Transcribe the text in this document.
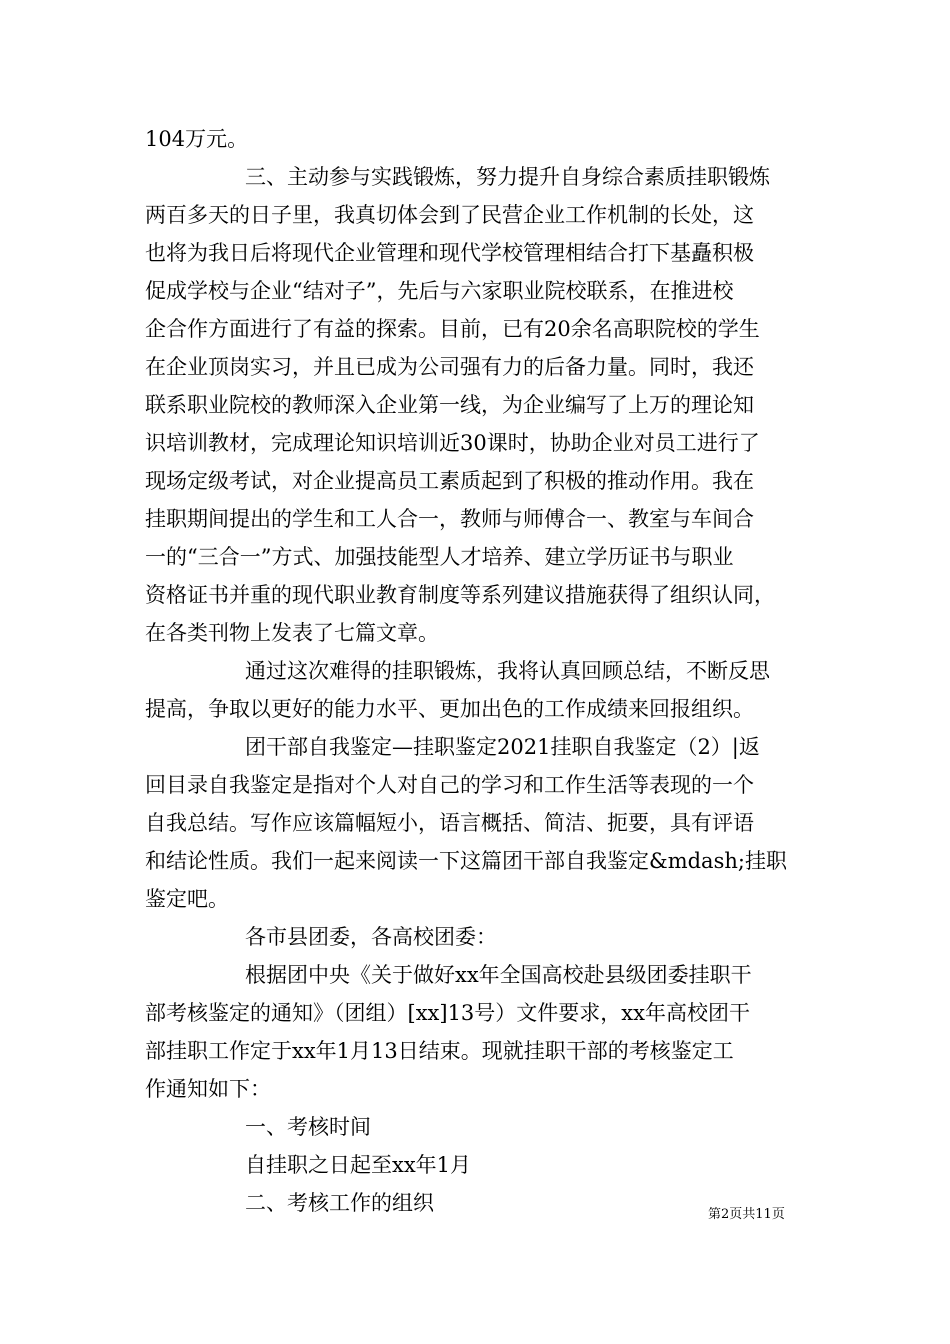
104万元。
三、主动参与实践锻炼，努力提升自身综合素质挂职锻炼
两百多天的日子里，我真切体会到了民营企业工作机制的长处，这
也将为我日后将现代企业管理和现代学校管理相结合打下基矗积极
促成学校与企业“结对子”，先后与六家职业院校联系，在推进校
企合作方面进行了有益的探索。目前，已有20余名高职院校的学生
在企业顶岗实习，并且已成为公司强有力的后备力量。同时，我还
联系职业院校的教师深入企业第一线，为企业编写了上万的理论知
识培训教材，完成理论知识培训近30课时，协助企业对员工进行了
现场定级考试，对企业提高员工素质起到了积极的推动作用。我在
挂职期间提出的学生和工人合一，教师与师傅合一、教室与车间合
一的“三合一”方式、加强技能型人才培养、建立学历证书与职业
资格证书并重的现代职业教育制度等系列建议措施获得了组织认同，
在各类刊物上发表了七篇文章。
通过这次难得的挂职锻炼，我将认真回顾总结，不断反思
提高，争取以更好的能力水平、更加出色的工作成绩来回报组织。
团干部自我鉴定—挂职鉴定2021挂职自我鉴定（2）|返
回目录自我鉴定是指对个人对自己的学习和工作生活等表现的一个
自我总结。写作应该篇幅短小，语言概括、简洁、扼要，具有评语
和结论性质。我们一起来阅读一下这篇团干部自我鉴定&mdash;挂职
鉴定吧。
各市县团委，各高校团委：
根据团中央《关于做好xx年全国高校赴县级团委挂职干
部考核鉴定的通知》（团组）[xx]13号）文件要求，xx年高校团干
部挂职工作定于xx年1月13日结束。现就挂职干部的考核鉴定工
作通知如下：
一、考核时间
自挂职之日起至xx年1月
二、考核工作的组织	第2页共11页
